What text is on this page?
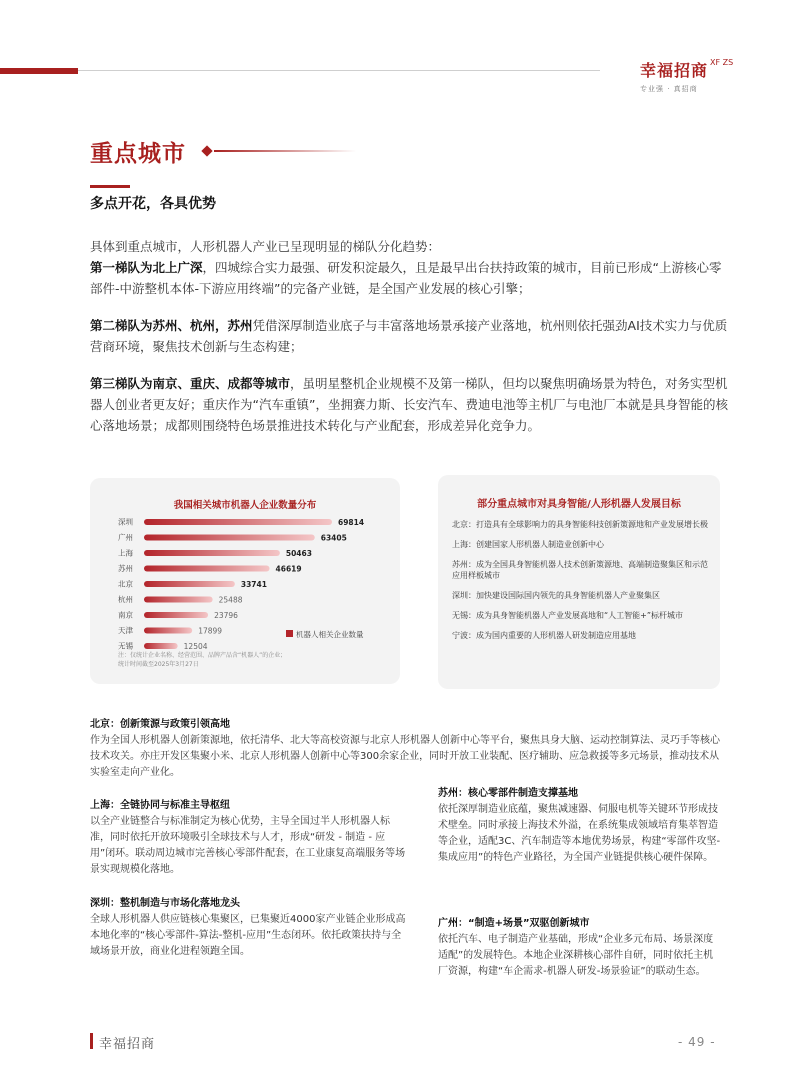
幸福招商 XF ZS
专业强 · 真招商
重点城市
多点开花，各具优势

具体到重点城市，人形机器人产业已呈现明显的梯队分化趋势：

第一梯队为北上广深，四城综合实力最强、研发积淀最久，且是最早出台扶持政策的城市，目前已形成“上游核心零部件-中游整机本体-下游应用终端”的完备产业链，是全国产业发展的核心引擎；

第二梯队为苏州、杭州，苏州凭借深厚制造业底子与丰富落地场景承接产业落地，杭州则依托强劲AI技术实力与优质营商环境，聚焦技术创新与生态构建；

第三梯队为南京、重庆、成都等城市，虽明星整机企业规模不及第一梯队，但均以聚焦明确场景为特色，对务实型机器人创业者更友好；重庆作为“汽车重镇”，坐拥赛力斯、长安汽车、费迪电池等主机厂与电池厂本就是具身智能的核心落地场景；成都则围绕特色场景推进技术转化与产业配套，形成差异化竞争力。

我国相关城市机器人企业数量分布
深圳	69814
广州	63405
上海	50463
苏州	46619
北京	33741
杭州	25488
南京	23796
天津	17899
无锡	12504
机器人相关企业数量
注：仅统计企业名称、经营范围、品牌产品含“机器人”的企业；
统计时间截至2025年3月27日
部分重点城市对具身智能/人形机器人发展目标
北京：打造具有全球影响力的具身智能科技创新策源地和产业发展增长极
上海：创建国家人形机器人制造业创新中心
苏州：成为全国具身智能机器人技术创新策源地、高端制造聚集区和示范应用样板城市
深圳：加快建设国际国内领先的具身智能机器人产业聚集区
无锡：成为具身智能机器人产业发展高地和“人工智能+”标杆城市
宁波：成为国内重要的人形机器人研发制造应用基地
北京：创新策源与政策引领高地
作为全国人形机器人创新策源地，依托清华、北大等高校资源与北京人形机器人创新中心等平台，聚焦具身大脑、运动控制算法、灵巧手等核心技术攻关。亦庄开发区集聚小米、北京人形机器人创新中心等300余家企业，同时开放工业装配、医疗辅助、应急救援等多元场景，推动技术从实验室走向产业化。
上海：全链协同与标准主导枢纽
以全产业链整合与标准制定为核心优势，主导全国过半人形机器人标准，同时依托开放环境吸引全球技术与人才，形成“研发 - 制造 - 应用”闭环。联动周边城市完善核心零部件配套，在工业康复高端服务等场景实现规模化落地。
苏州：核心零部件制造支撑基地
依托深厚制造业底蕴，聚焦减速器、伺服电机等关键环节形成技术壁垒。同时承接上海技术外溢，在系统集成领域培育集萃智造等企业，适配3C、汽车制造等本地优势场景，构建“零部件攻坚-集成应用”的特色产业路径，为全国产业链提供核心硬件保障。
深圳：整机制造与市场化落地龙头
全球人形机器人供应链核心集聚区，已集聚近4000家产业链企业形成高本地化率的“核心零部件-算法-整机-应用”生态闭环。依托政策扶持与全域场景开放，商业化进程领跑全国。
广州：“制造+场景”双驱创新城市
依托汽车、电子制造产业基础，形成“企业多元布局、场景深度适配”的发展特色。本地企业深耕核心部件自研，同时依托主机厂资源，构建“车企需求-机器人研发-场景验证”的联动生态。
幸福招商	- 49 -
